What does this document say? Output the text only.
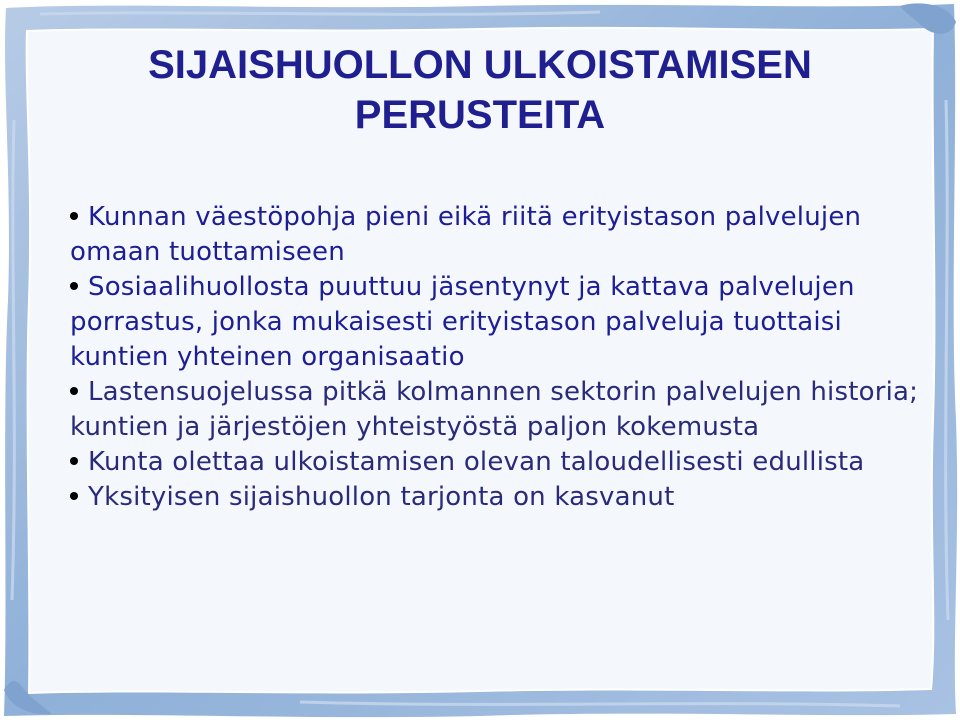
SIJAISHUOLLON ULKOISTAMISEN
PERUSTEITA
Kunnan väestöpohja pieni eikä riitä erityistason palvelujen omaan tuottamiseen
Sosiaalihuollosta puuttuu jäsentynyt ja kattava palvelujen porrastus, jonka mukaisesti erityistason palveluja tuottaisi kuntien yhteinen organisaatio
Lastensuojelussa pitkä kolmannen sektorin palvelujen historia; kuntien ja järjestöjen yhteistyöstä paljon kokemusta
Kunta olettaa ulkoistamisen olevan taloudellisesti edullista
Yksityisen sijaishuollon tarjonta on kasvanut
